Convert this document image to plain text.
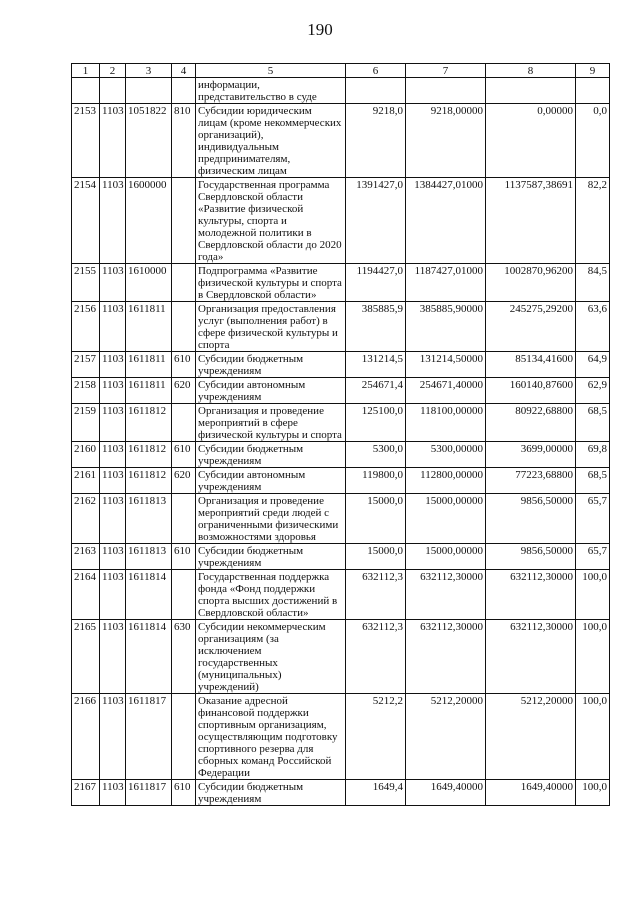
190
1	2	3	4	5	6	7	8	9
				информации, представительство в суде				
2153	1103	1051822	810	Субсидии юридическим лицам (кроме некоммерческих организаций), индивидуальным предпринимателям, физическим лицам	9218,0	9218,00000	0,00000	0,0
2154	1103	1600000		Государственная программа Свердловской области «Развитие физической культуры, спорта и молодежной политики в Свердловской области до 2020 года»	1391427,0	1384427,01000	1137587,38691	82,2
2155	1103	1610000		Подпрограмма «Развитие физической культуры и спорта в Свердловской области»	1194427,0	1187427,01000	1002870,96200	84,5
2156	1103	1611811		Организация предоставления услуг (выполнения работ) в сфере физической культуры и спорта	385885,9	385885,90000	245275,29200	63,6
2157	1103	1611811	610	Субсидии бюджетным учреждениям	131214,5	131214,50000	85134,41600	64,9
2158	1103	1611811	620	Субсидии автономным учреждениям	254671,4	254671,40000	160140,87600	62,9
2159	1103	1611812		Организация и проведение мероприятий в сфере физической культуры и спорта	125100,0	118100,00000	80922,68800	68,5
2160	1103	1611812	610	Субсидии бюджетным учреждениям	5300,0	5300,00000	3699,00000	69,8
2161	1103	1611812	620	Субсидии автономным учреждениям	119800,0	112800,00000	77223,68800	68,5
2162	1103	1611813		Организация и проведение мероприятий среди людей с ограниченными физическими возможностями здоровья	15000,0	15000,00000	9856,50000	65,7
2163	1103	1611813	610	Субсидии бюджетным учреждениям	15000,0	15000,00000	9856,50000	65,7
2164	1103	1611814		Государственная поддержка фонда «Фонд поддержки спорта высших достижений в Свердловской области»	632112,3	632112,30000	632112,30000	100,0
2165	1103	1611814	630	Субсидии некоммерческим организациям (за исключением государственных (муниципальных) учреждений)	632112,3	632112,30000	632112,30000	100,0
2166	1103	1611817		Оказание адресной финансовой поддержки спортивным организациям, осуществляющим подготовку спортивного резерва для сборных команд Российской Федерации	5212,2	5212,20000	5212,20000	100,0
2167	1103	1611817	610	Субсидии бюджетным учреждениям	1649,4	1649,40000	1649,40000	100,0
